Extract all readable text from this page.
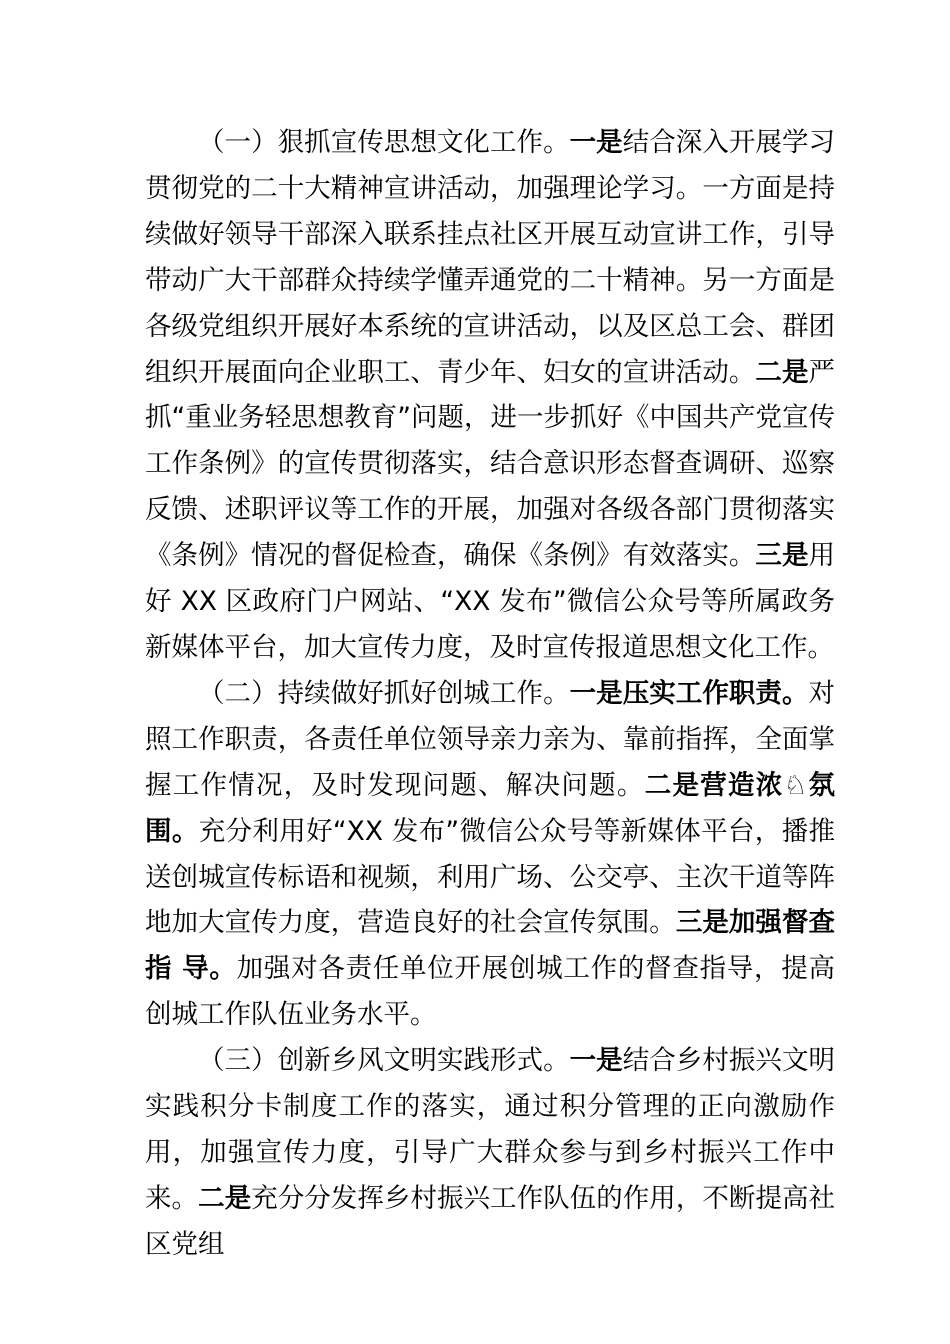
（一）狠抓宣传思想文化工作。一是结合深入开展学习贯彻党的二十大精神宣讲活动，加强理论学习。一方面是持续做好领导干部深入联系挂点社区开展互动宣讲工作，引导带动广大干部群众持续学懂弄通党的二十精神。另一方面是各级党组织开展好本系统的宣讲活动，以及区总工会、群团组织开展面向企业职工、青少年、妇女的宣讲活动。二是严抓“重业务轻思想教育”问题，进一步抓好《中国共产党宣传工作条例》的宣传贯彻落实，结合意识形态督查调研、巡察反馈、述职评议等工作的开展，加强对各级各部门贯彻落实《条例》情况的督促检查，确保《条例》有效落实。三是用好 XX 区政府门户网站、“XX 发布”微信公众号等所属政务新媒体平台，加大宣传力度，及时宣传报道思想文化工作。

（二）持续做好抓好创城工作。一是压实工作职责。对照工作职责，各责任单位领导亲力亲为、靠前指挥，全面掌握工作情况，及时发现问题、解决问题。二是营造浓♘氛围。充分利用好“XX 发布”微信公众号等新媒体平台，播推送创城宣传标语和视频，利用广场、公交亭、主次干道等阵地加大宣传力度，营造良好的社会宣传氛围。三是加强督查指 导。加强对各责任单位开展创城工作的督查指导，提高创城工作队伍业务水平。

（三）创新乡风文明实践形式。一是结合乡村振兴文明实践积分卡制度工作的落实，通过积分管理的正向激励作用，加强宣传力度，引导广大群众参与到乡村振兴工作中来。二是充分分发挥乡村振兴工作队伍的作用，不断提高社区党组
